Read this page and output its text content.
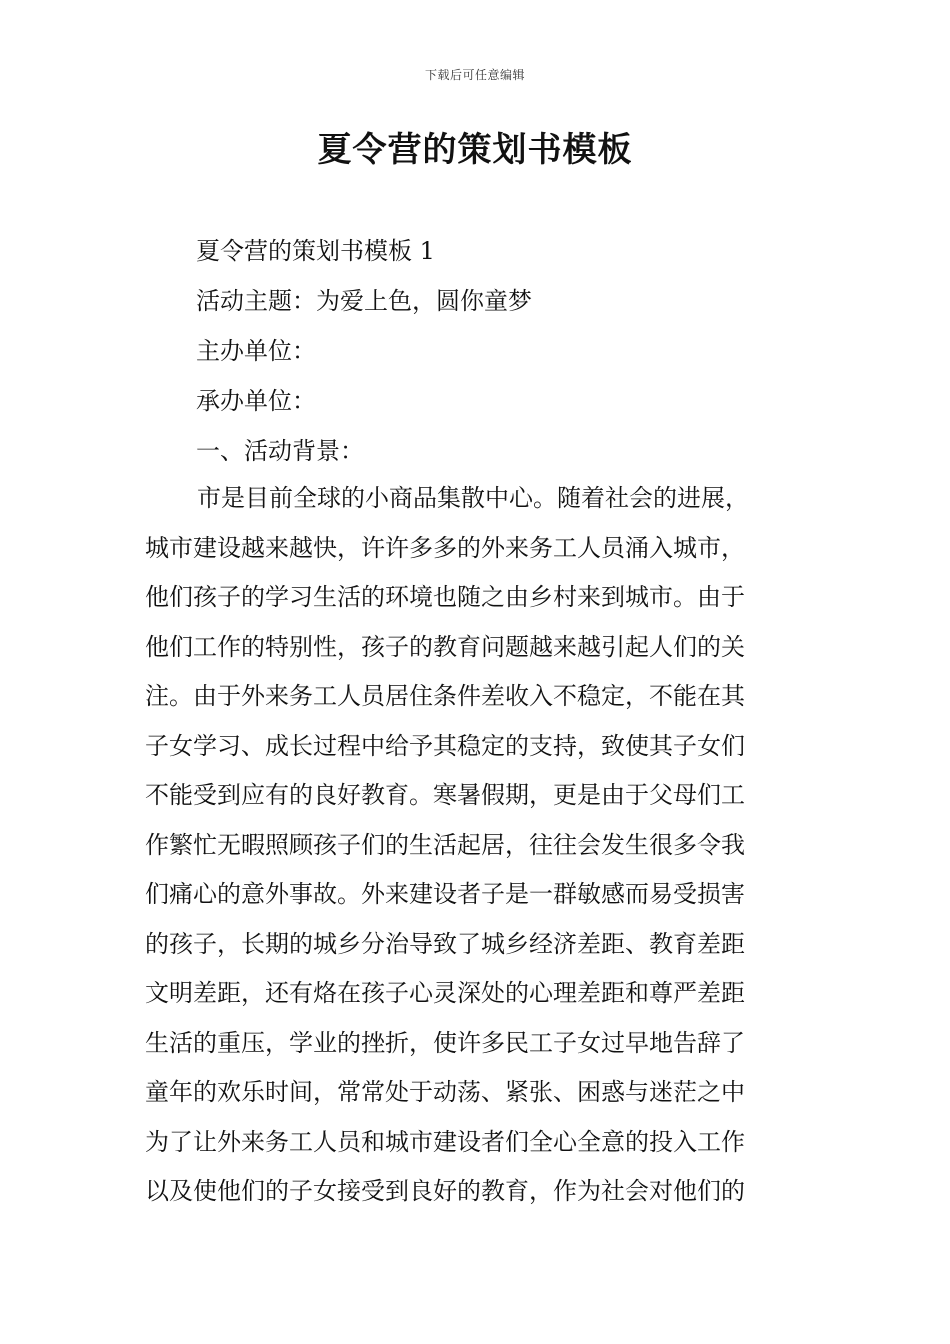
下载后可任意编辑
夏令营的策划书模板
夏令营的策划书模板 1
活动主题：为爱上色，圆你童梦
主办单位：
承办单位：
一、活动背景：
市是目前全球的小商品集散中心。随着社会的进展，
城市建设越来越快，许许多多的外来务工人员涌入城市，
他们孩子的学习生活的环境也随之由乡村来到城市。由于
他们工作的特别性，孩子的教育问题越来越引起人们的关
注。由于外来务工人员居住条件差收入不稳定，不能在其
子女学习、成长过程中给予其稳定的支持，致使其子女们
不能受到应有的良好教育。寒暑假期，更是由于父母们工
作繁忙无暇照顾孩子们的生活起居，往往会发生很多令我
们痛心的意外事故。外来建设者子是一群敏感而易受损害
的孩子，长期的城乡分治导致了城乡经济差距、教育差距
文明差距，还有烙在孩子心灵深处的心理差距和尊严差距
生活的重压，学业的挫折，使许多民工子女过早地告辞了
童年的欢乐时间，常常处于动荡、紧张、困惑与迷茫之中
为了让外来务工人员和城市建设者们全心全意的投入工作
以及使他们的子女接受到良好的教育，作为社会对他们的
